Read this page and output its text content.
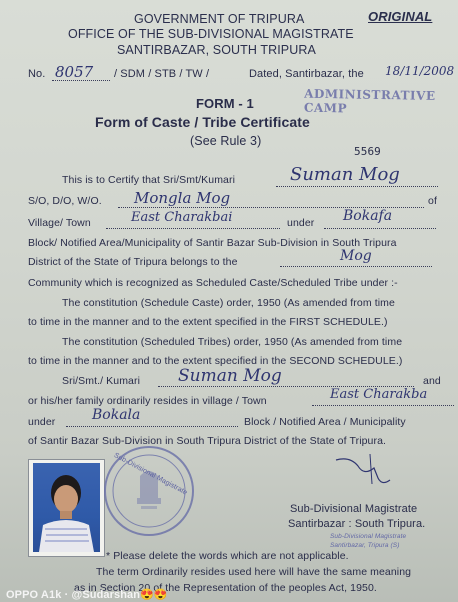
GOVERNMENT OF TRIPURA	ORIGINAL
OFFICE OF THE SUB-DIVISIONAL MAGISTRATE
SANTIRBAZAR, SOUTH TRIPURA
No. 8057 / SDM / STB / TW /	Dated, Santirbazar, the 18/11/2008
ADMINISTRATIVE CAMP
FORM - 1
Form of Caste / Tribe Certificate
(See Rule 3)
5569
This is to Certify that Sri/Smt/Kumari	Suman Mog
S/O, D/O, W/O. Mongla Mog	of
Village/ Town	East Charakbai	under Bokafa
Block/ Notified Area/Municipality of Santir Bazar Sub-Division in South Tripura
District of the State of Tripura belongs to the	Mog
Community which is recognized as Scheduled Caste/Scheduled Tribe under :-
The constitution (Schedule Caste) order, 1950 (As amended from time
to time in the manner and to the extent specified in the FIRST SCHEDULE.)
The constitution (Scheduled Tribes) order, 1950 (As amended from time
to time in the manner and to the extent specified in the SECOND SCHEDULE.)
Sri/Smt./ Kumari Suman Mog	and
or his/her family ordinarily resides in village / Town	East Charakba
under	Bokala	Block / Notified Area / Municipality
of Santir Bazar Sub-Division in South Tripura District of the State of Tripura.
Sub-Divisional Magistrate
Sub-Divisional Magistrate
Santirbazar : South Tripura.
Sub-Divisional Magistrate
Santirbazar, Tripura (S)
* Please delete the words which are not applicable.
The term Ordinarily resides used here will have the same meaning
as in Section 20 of the Representation of the peoples Act, 1950.
OPPO A1k · @Sudarshan😍😍
